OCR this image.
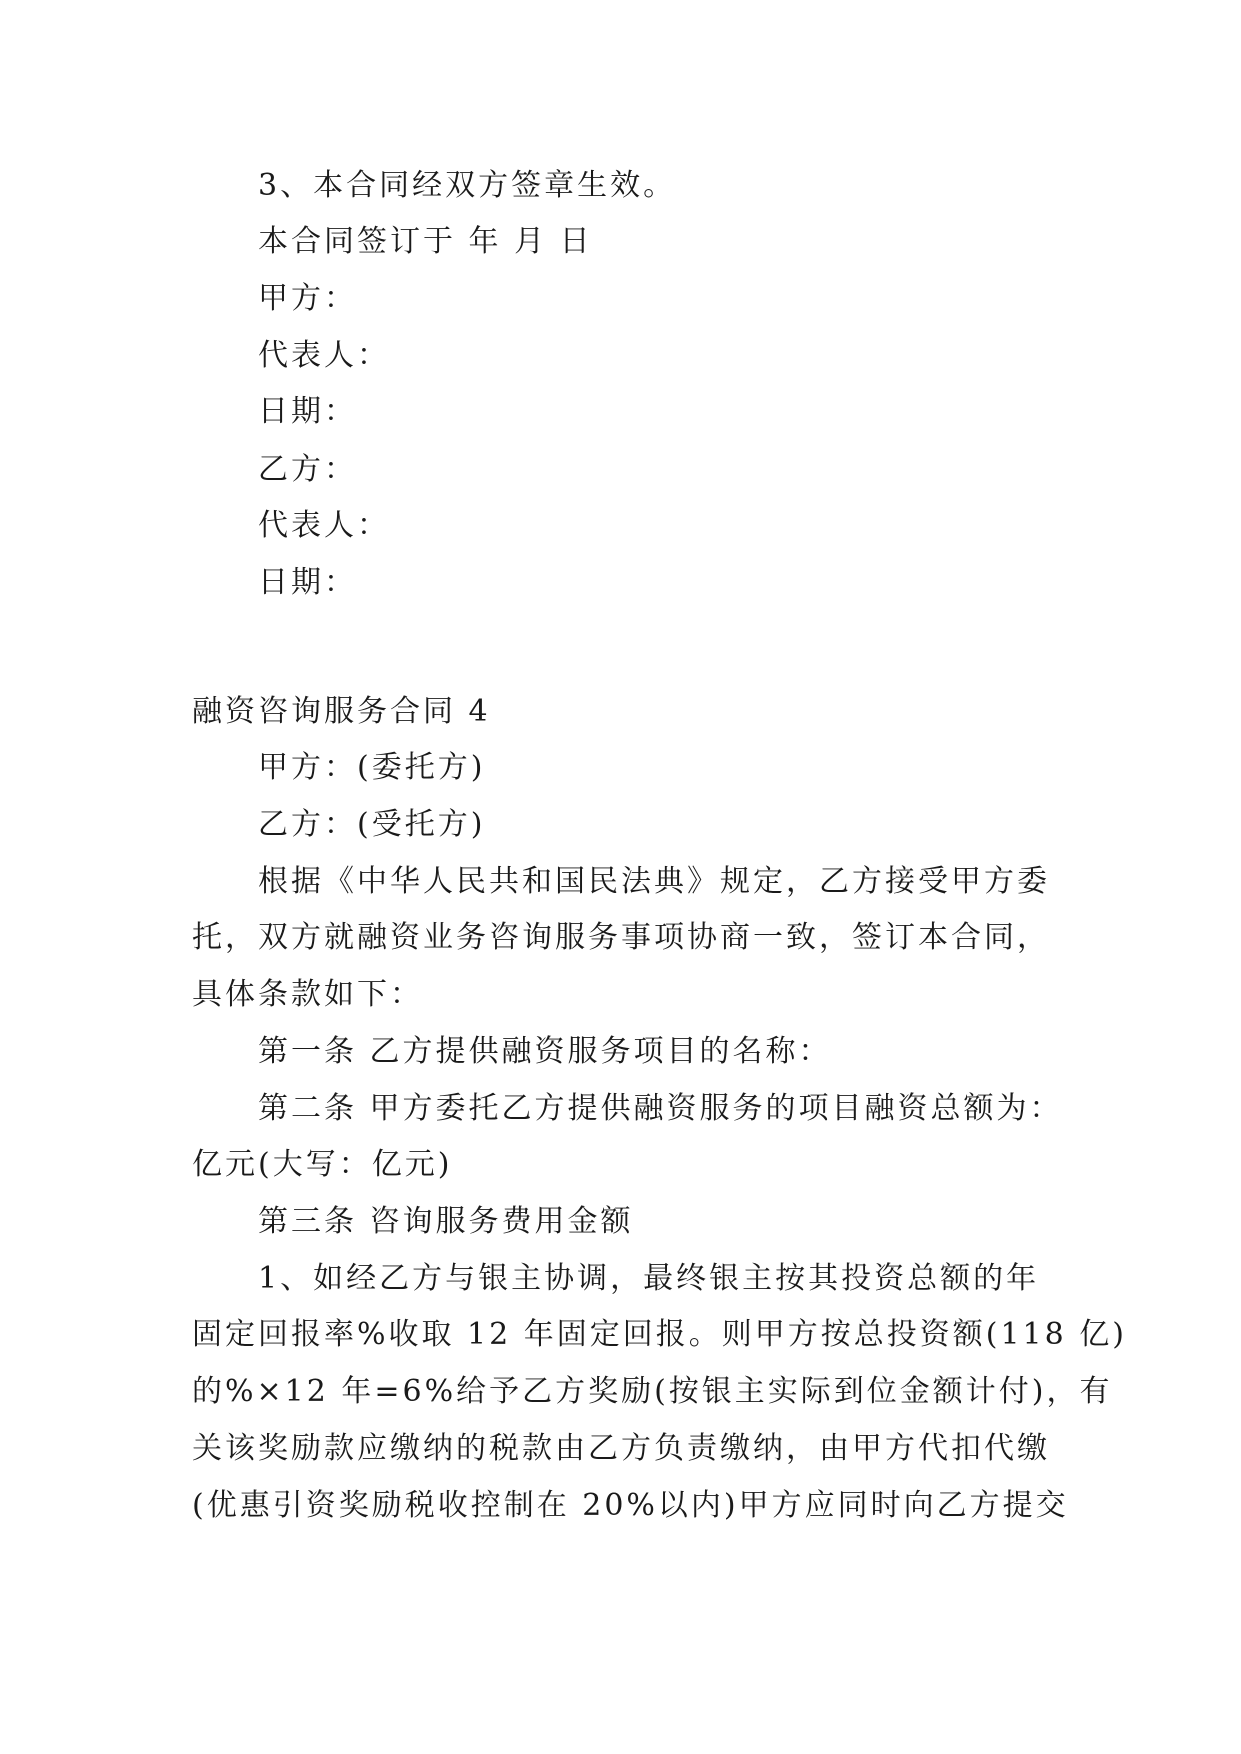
3、本合同经双方签章生效。
本合同签订于 年 月 日
甲方：
代表人：
日期：
乙方：
代表人：
日期：
融资咨询服务合同 4
甲方：(委托方)
乙方：(受托方)
根据《中华人民共和国民法典》规定，乙方接受甲方委
托，双方就融资业务咨询服务事项协商一致，签订本合同，
具体条款如下：
第一条 乙方提供融资服务项目的名称：
第二条 甲方委托乙方提供融资服务的项目融资总额为：
亿元(大写：亿元)
第三条 咨询服务费用金额
1、如经乙方与银主协调，最终银主按其投资总额的年
固定回报率%收取 12 年固定回报。则甲方按总投资额(118 亿)
的%×12 年=6%给予乙方奖励(按银主实际到位金额计付)，有
关该奖励款应缴纳的税款由乙方负责缴纳，由甲方代扣代缴
(优惠引资奖励税收控制在 20%以内)甲方应同时向乙方提交
